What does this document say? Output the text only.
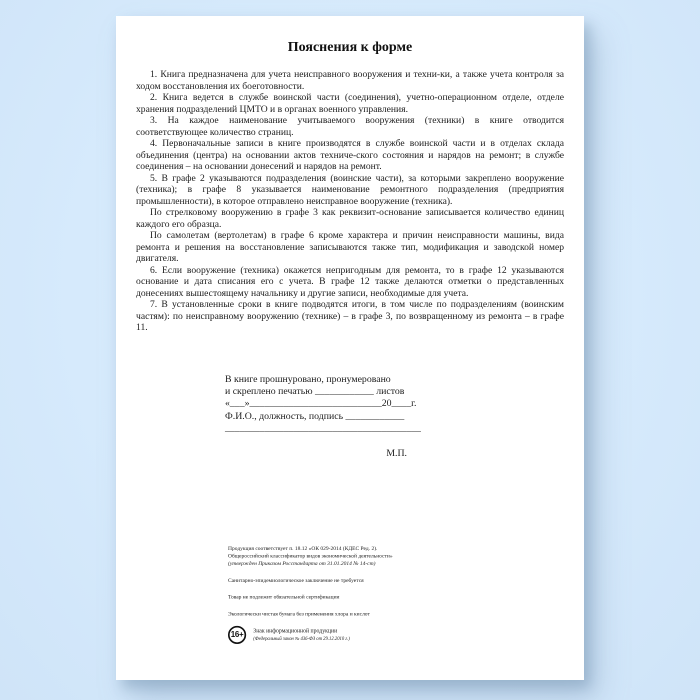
Пояснения к форме

1. Книга предназначена для учета неисправного вооружения и техни-ки, а также учета контроля за ходом восстановления их боеготовности.

2. Книга ведется в службе воинской части (соединения), учетно-операционном отделе, отделе хранения подразделений ЦМТО и в органах военного управления.

3. На каждое наименование учитываемого вооружения (техники) в книге отводится соответствующее количество страниц.

4. Первоначальные записи в книге производятся в службе воинской части и в отделах склада объединения (центра) на основании актов техниче-ского состояния и нарядов на ремонт; в службе соединения – на основании донесений и нарядов на ремонт.

5. В графе 2 указываются подразделения (воинские части), за которыми закреплено вооружение (техника); в графе 8 указывается наименование ремонтного подразделения (предприятия промышленности), в которое отправлено неисправное вооружение (техника).

По стрелковому вооружению в графе 3 как реквизит-основание записывается количество единиц каждого его образца.

По самолетам (вертолетам) в графе 6 кроме характера и причин неисправности машины, вида ремонта и решения на восстановление записываются также тип, модификация и заводской номер двигателя.

6. Если вооружение (техника) окажется непригодным для ремонта, то в графе 12 указываются основание и дата списания его с учета. В графе 12 также делаются отметки о представленных донесениях вышестоящему начальнику и другие записи, необходимые для учета.

7. В установленные сроки в книге подводятся итоги, в том числе по подразделениям (воинским частям): по неисправному вооружению (технике) – в графе 3, по возвращенному из ремонта – в графе 11.

В книге прошнуровано, пронумеровано
и скреплено печатью ____________ листов
«___»___________________________20____г.
Ф.И.О., должность, подпись ____________
________________________________________
М.П.
Продукция соответствует п. 18.12 «ОК 029-2014 (КДЕС Ред. 2).
Общероссийский классификатор видов экономической деятельности»
(утвержден Приказом Росстандарта от 31.01.2014 № 14-ст)
Санитарно-эпидемиологическое заключение не требуется
Товар не подлежит обязательной сертификации
Экологически чистая бумага без применения хлора и кислот
16+ Знак информационной продукции
(Федеральный закон № 436-ФЗ от 29.12.2010 г.)
